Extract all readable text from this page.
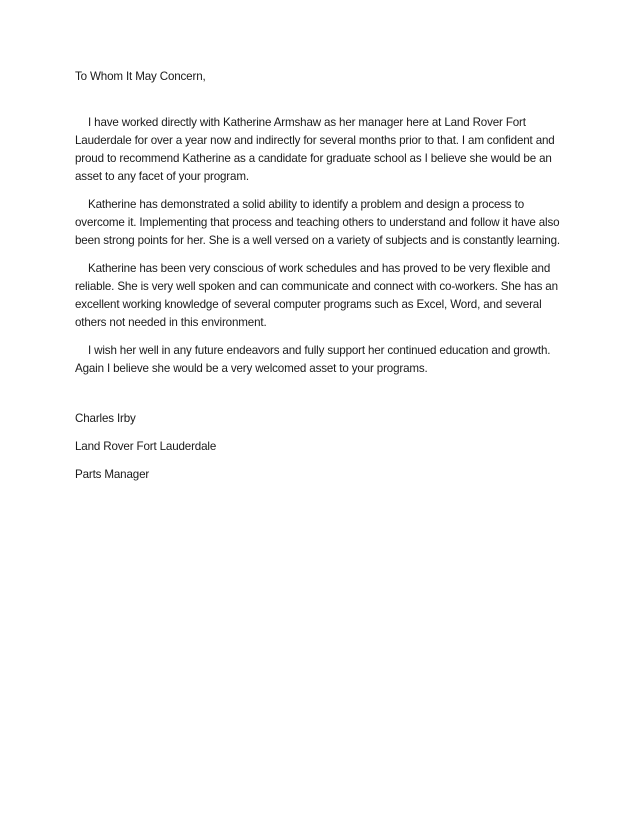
To Whom It May Concern,

I have worked directly with Katherine Armshaw as her manager here at Land Rover Fort Lauderdale for over a year now and indirectly for several months prior to that. I am confident and proud to recommend Katherine as a candidate for graduate school as I believe she would be an asset to any facet of your program.

Katherine has demonstrated a solid ability to identify a problem and design a process to overcome it. Implementing that process and teaching others to understand and follow it have also been strong points for her. She is a well versed on a variety of subjects and is constantly learning.

Katherine has been very conscious of work schedules and has proved to be very flexible and reliable. She is very well spoken and can communicate and connect with co-workers. She has an excellent working knowledge of several computer programs such as Excel, Word, and several others not needed in this environment.

I wish her well in any future endeavors and fully support her continued education and growth. Again I believe she would be a very welcomed asset to your programs.

Charles Irby

Land Rover Fort Lauderdale

Parts Manager
